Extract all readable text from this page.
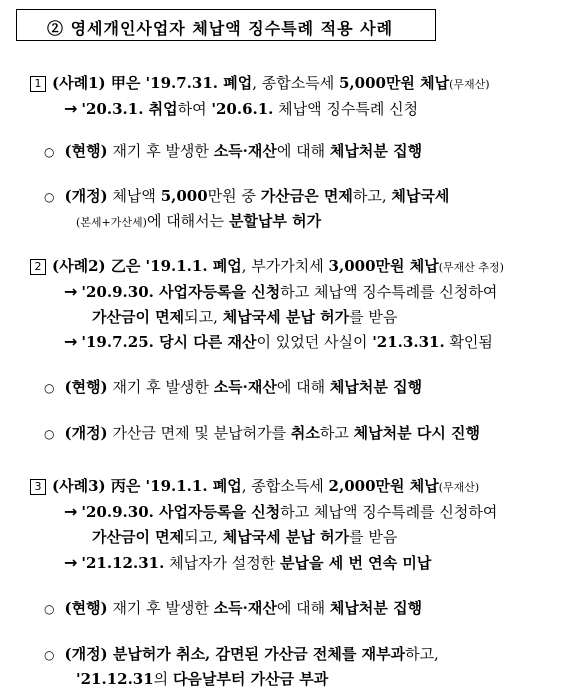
② 영세개인사업자 체납액 징수특례 적용 사례
1 (사례1) 甲은 '19.7.31. 폐업, 종합소득세 5,000만원 체납(무재산)
→ '20.3.1. 취업하여 '20.6.1. 체납액 징수특례 신청
○ (현행) 재기 후 발생한 소득·재산에 대해 체납처분 집행
○ (개정) 체납액 5,000만원 중 가산금은 면제하고, 체납국세
(본세+가산세)에 대해서는 분할납부 허가
2 (사례2) 乙은 '19.1.1. 폐업, 부가가치세 3,000만원 체납(무재산 추정)
→ '20.9.30. 사업자등록을 신청하고 체납액 징수특례를 신청하여
가산금이 면제되고, 체납국세 분납 허가를 받음
→ '19.7.25. 당시 다른 재산이 있었던 사실이 '21.3.31. 확인됨
○ (현행) 재기 후 발생한 소득·재산에 대해 체납처분 집행
○ (개정) 가산금 면제 및 분납허가를 취소하고 체납처분 다시 진행
3 (사례3) 丙은 '19.1.1. 폐업, 종합소득세 2,000만원 체납(무재산)
→ '20.9.30. 사업자등록을 신청하고 체납액 징수특례를 신청하여
가산금이 면제되고, 체납국세 분납 허가를 받음
→ '21.12.31. 체납자가 설정한 분납을 세 번 연속 미납
○ (현행) 재기 후 발생한 소득·재산에 대해 체납처분 집행
○ (개정) 분납허가 취소, 감면된 가산금 전체를 재부과하고,
'21.12.31의 다음날부터 가산금 부과
